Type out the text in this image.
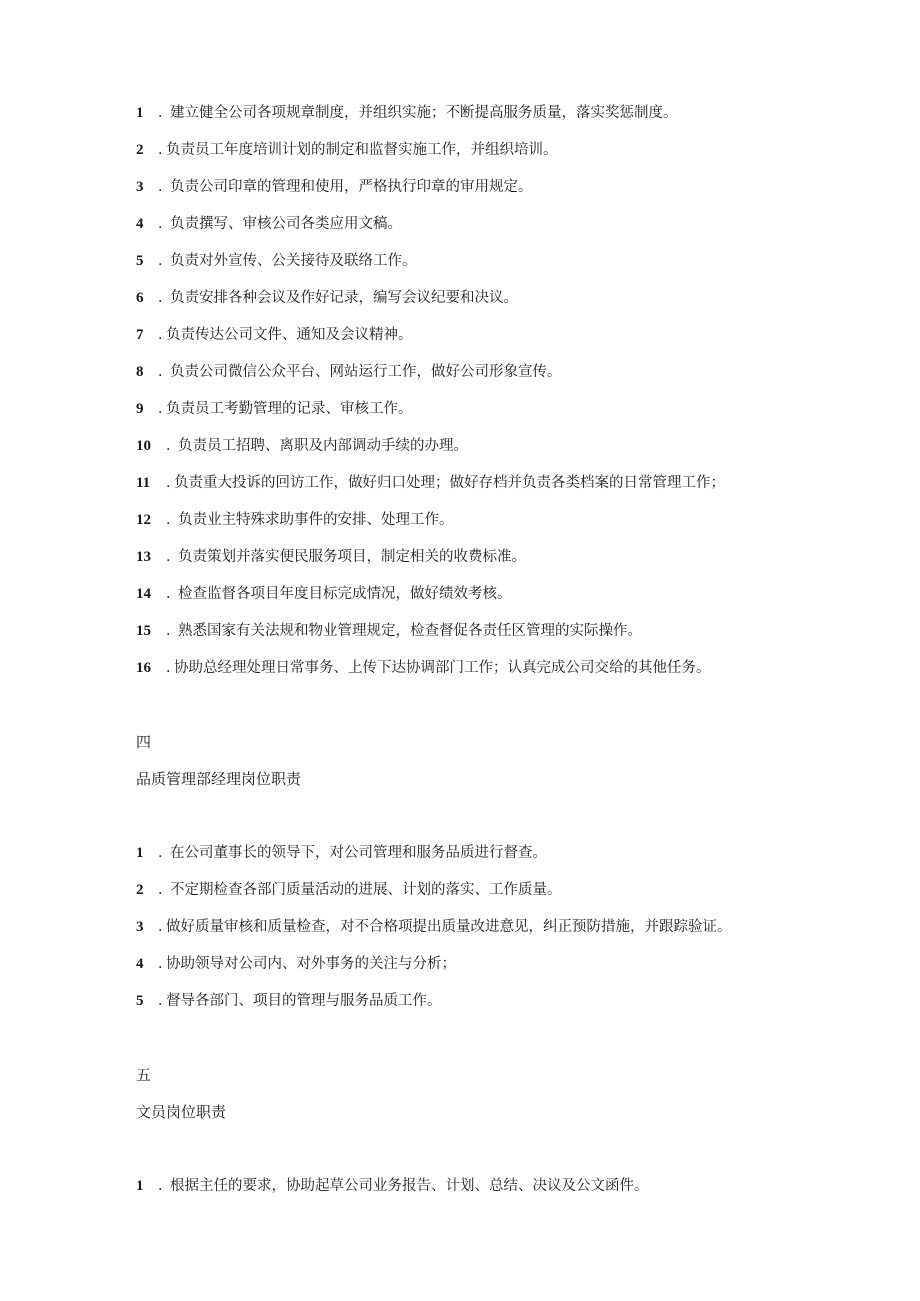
1	. 建立健全公司各项规章制度，并组织实施；不断提高服务质量，落实奖惩制度。
2	. 负责员工年度培训计划的制定和监督实施工作，并组织培训。
3	. 负责公司印章的管理和使用，严格执行印章的审用规定。
4	. 负责撰写、审核公司各类应用文稿。
5	. 负责对外宣传、公关接待及联络工作。
6	. 负责安排各种会议及作好记录，编写会议纪要和决议。
7	. 负责传达公司文件、通知及会议精神。
8	. 负责公司微信公众平台、网站运行工作，做好公司形象宣传。
9	. 负责员工考勤管理的记录、审核工作。
10	. 负责员工招聘、离职及内部调动手续的办理。
11	. 负责重大投诉的回访工作，做好归口处理；做好存档并负责各类档案的日常管理工作；
12	. 负责业主特殊求助事件的安排、处理工作。
13	. 负责策划并落实便民服务项目，制定相关的收费标准。
14	. 检查监督各项目年度目标完成情况，做好绩效考核。
15	. 熟悉国家有关法规和物业管理规定，检查督促各责任区管理的实际操作。
16	. 协助总经理处理日常事务、上传下达协调部门工作；认真完成公司交给的其他任务。
四
品质管理部经理岗位职责
1	. 在公司董事长的领导下，对公司管理和服务品质进行督查。
2	. 不定期检查各部门质量活动的进展、计划的落实、工作质量。
3	. 做好质量审核和质量检查，对不合格项提出质量改进意见，纠正预防措施，并跟踪验证。
4	. 协助领导对公司内、对外事务的关注与分析；
5	. 督导各部门、项目的管理与服务品质工作。
五
文员岗位职责
1	. 根据主任的要求，协助起草公司业务报告、计划、总结、决议及公文函件。
